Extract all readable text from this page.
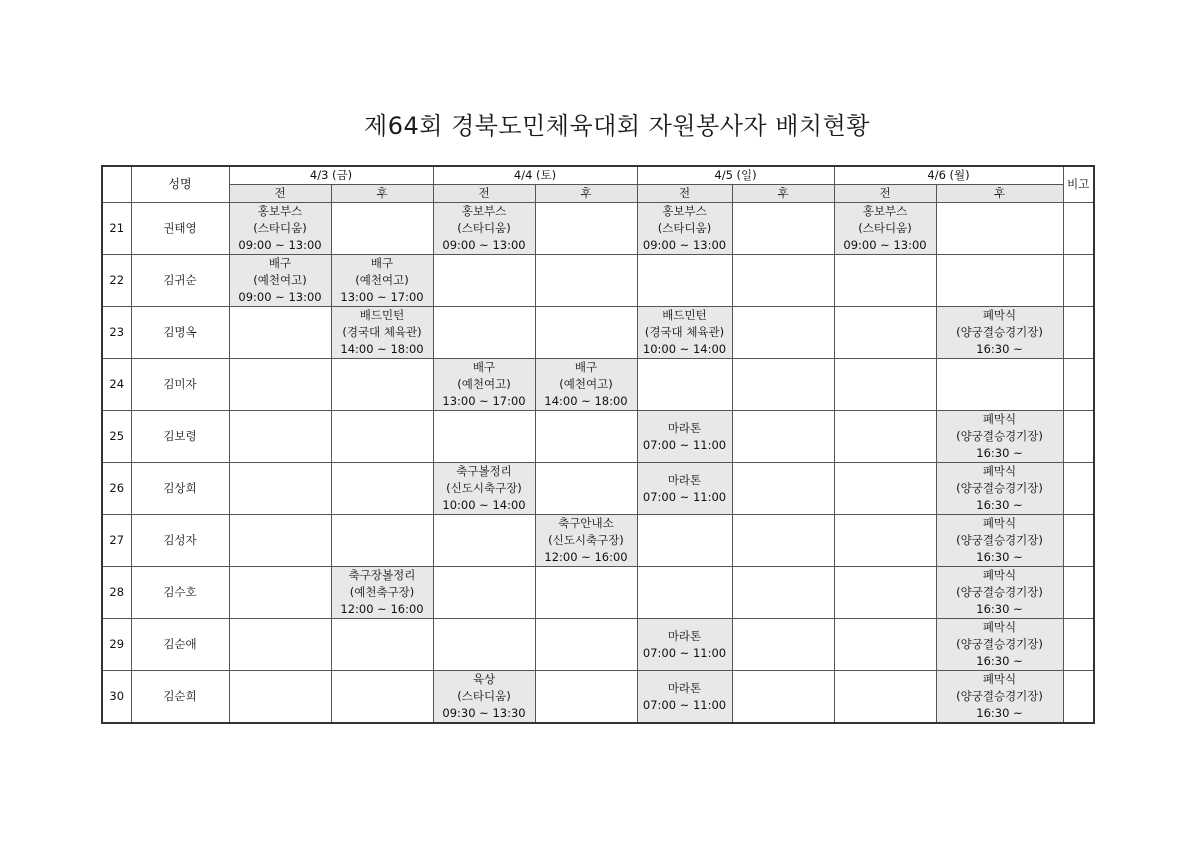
제64회 경북도민체육대회 자원봉사자 배치현황
	성명	4/3 (금)		4/4 (토)		4/5 (일)		4/6 (월)		비고
		전	후	전	후	전	후	전	후	
21	권태영	홍보부스
(스타디움)
09:00 ~ 13:00		홍보부스
(스타디움)
09:00 ~ 13:00		홍보부스
(스타디움)
09:00 ~ 13:00		홍보부스
(스타디움)
09:00 ~ 13:00		

22	김귀순	배구
(예천여고)
09:00 ~ 13:00	배구
(예천여고)
13:00 ~ 17:00							

23	김명옥		배드민턴
(경국대 체육관)
14:00 ~ 18:00			배드민턴
(경국대 체육관)
10:00 ~ 14:00			폐막식
(양궁결승경기장)
16:30 ~	

24	김미자			배구
(예천여고)
13:00 ~ 17:00	배구
(예천여고)
14:00 ~ 18:00					

25	김보령					마라톤
07:00 ~ 11:00			폐막식
(양궁결승경기장)
16:30 ~	

26	김상희			축구볼정리
(신도시축구장)
10:00 ~ 14:00		마라톤
07:00 ~ 11:00			폐막식
(양궁결승경기장)
16:30 ~	

27	김성자				축구안내소
(신도시축구장)
12:00 ~ 16:00				폐막식
(양궁결승경기장)
16:30 ~	

28	김수호		축구장볼정리
(예천축구장)
12:00 ~ 16:00						폐막식
(양궁결승경기장)
16:30 ~	

29	김순애					마라톤
07:00 ~ 11:00			폐막식
(양궁결승경기장)
16:30 ~	

30	김순희			육상
(스타디움)
09:30 ~ 13:30		마라톤
07:00 ~ 11:00			폐막식
(양궁결승경기장)
16:30 ~	
